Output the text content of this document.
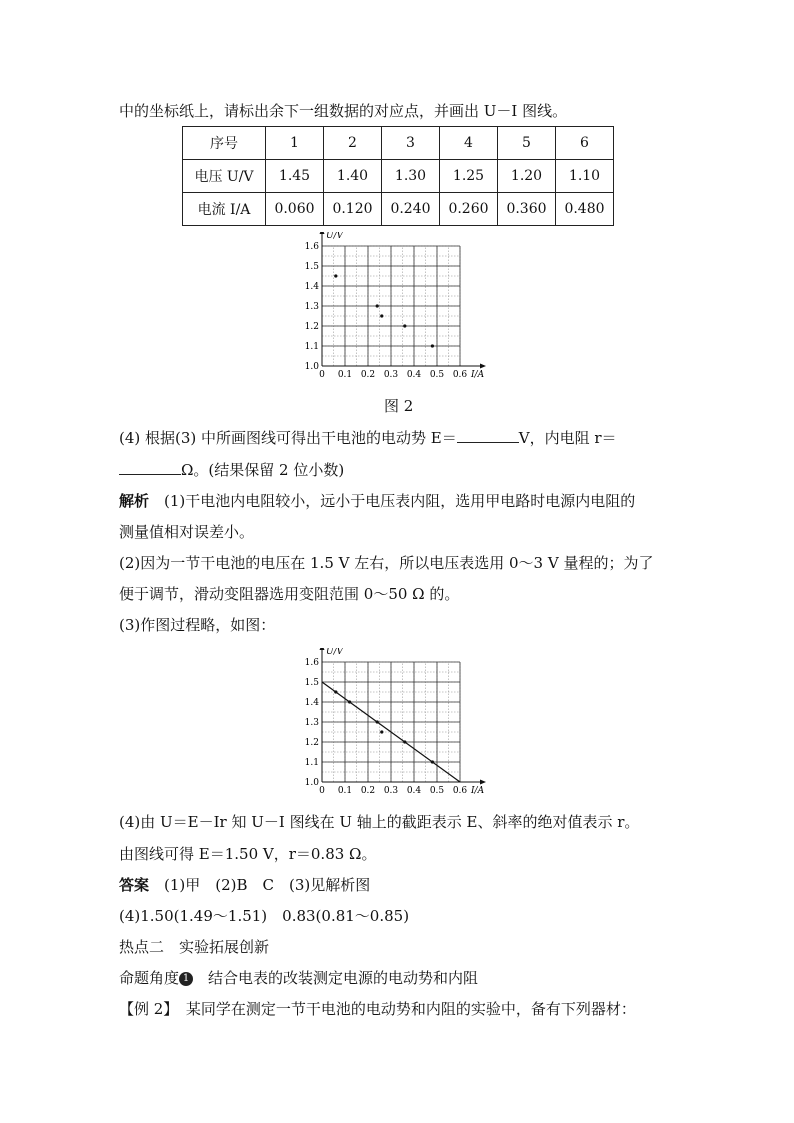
中的坐标纸上，请标出余下一组数据的对应点，并画出 U－I 图线。
序号	1	2	3	4	5	6
电压 U/V	1.45	1.40	1.30	1.25	1.20	1.10
电流 I/A	0.060	0.120	0.240	0.260	0.360	0.480
0 0.1 0.2 0.3 0.4 0.5 0.6
1.0
1.1
1.2
1.3
1.4
1.5
1.6
U/V
I/A
图 2
(4) 根据(3) 中所画图线可得出干电池的电动势 E＝	V，内电阻 r＝
Ω。(结果保留 2 位小数)
解析　 (1)干电池内电阻较小，远小于电压表内阻，选用甲电路时电源内电阻的
测量值相对误差小。
(2)因为一节干电池的电压在 1.5 V 左右，所以电压表选用 0～3 V 量程的；为了
便于调节，滑动变阻器选用变阻范围 0～50 Ω 的。
(3)作图过程略，如图：
0 0.1 0.2 0.3 0.4 0.5 0.6
1.0
1.1
1.2
1.3
1.4
1.5
1.6
U/V
I/A
(4)由 U＝E－Ir 知 U－I 图线在 U 轴上的截距表示 E、斜率的绝对值表示 r。
由图线可得 E＝1.50 V，r＝0.83 Ω。
答案　 (1)甲　(2)B　C　(3)见解析图
(4)1.50(1.49～1.51)　0.83(0.81～0.85)
热点二　实验拓展创新
命题角度 1　 结合电表的改装测定电源的电动势和内阻
【例 2】　 某同学在测定一节干电池的电动势和内阻的实验中，备有下列器材：
